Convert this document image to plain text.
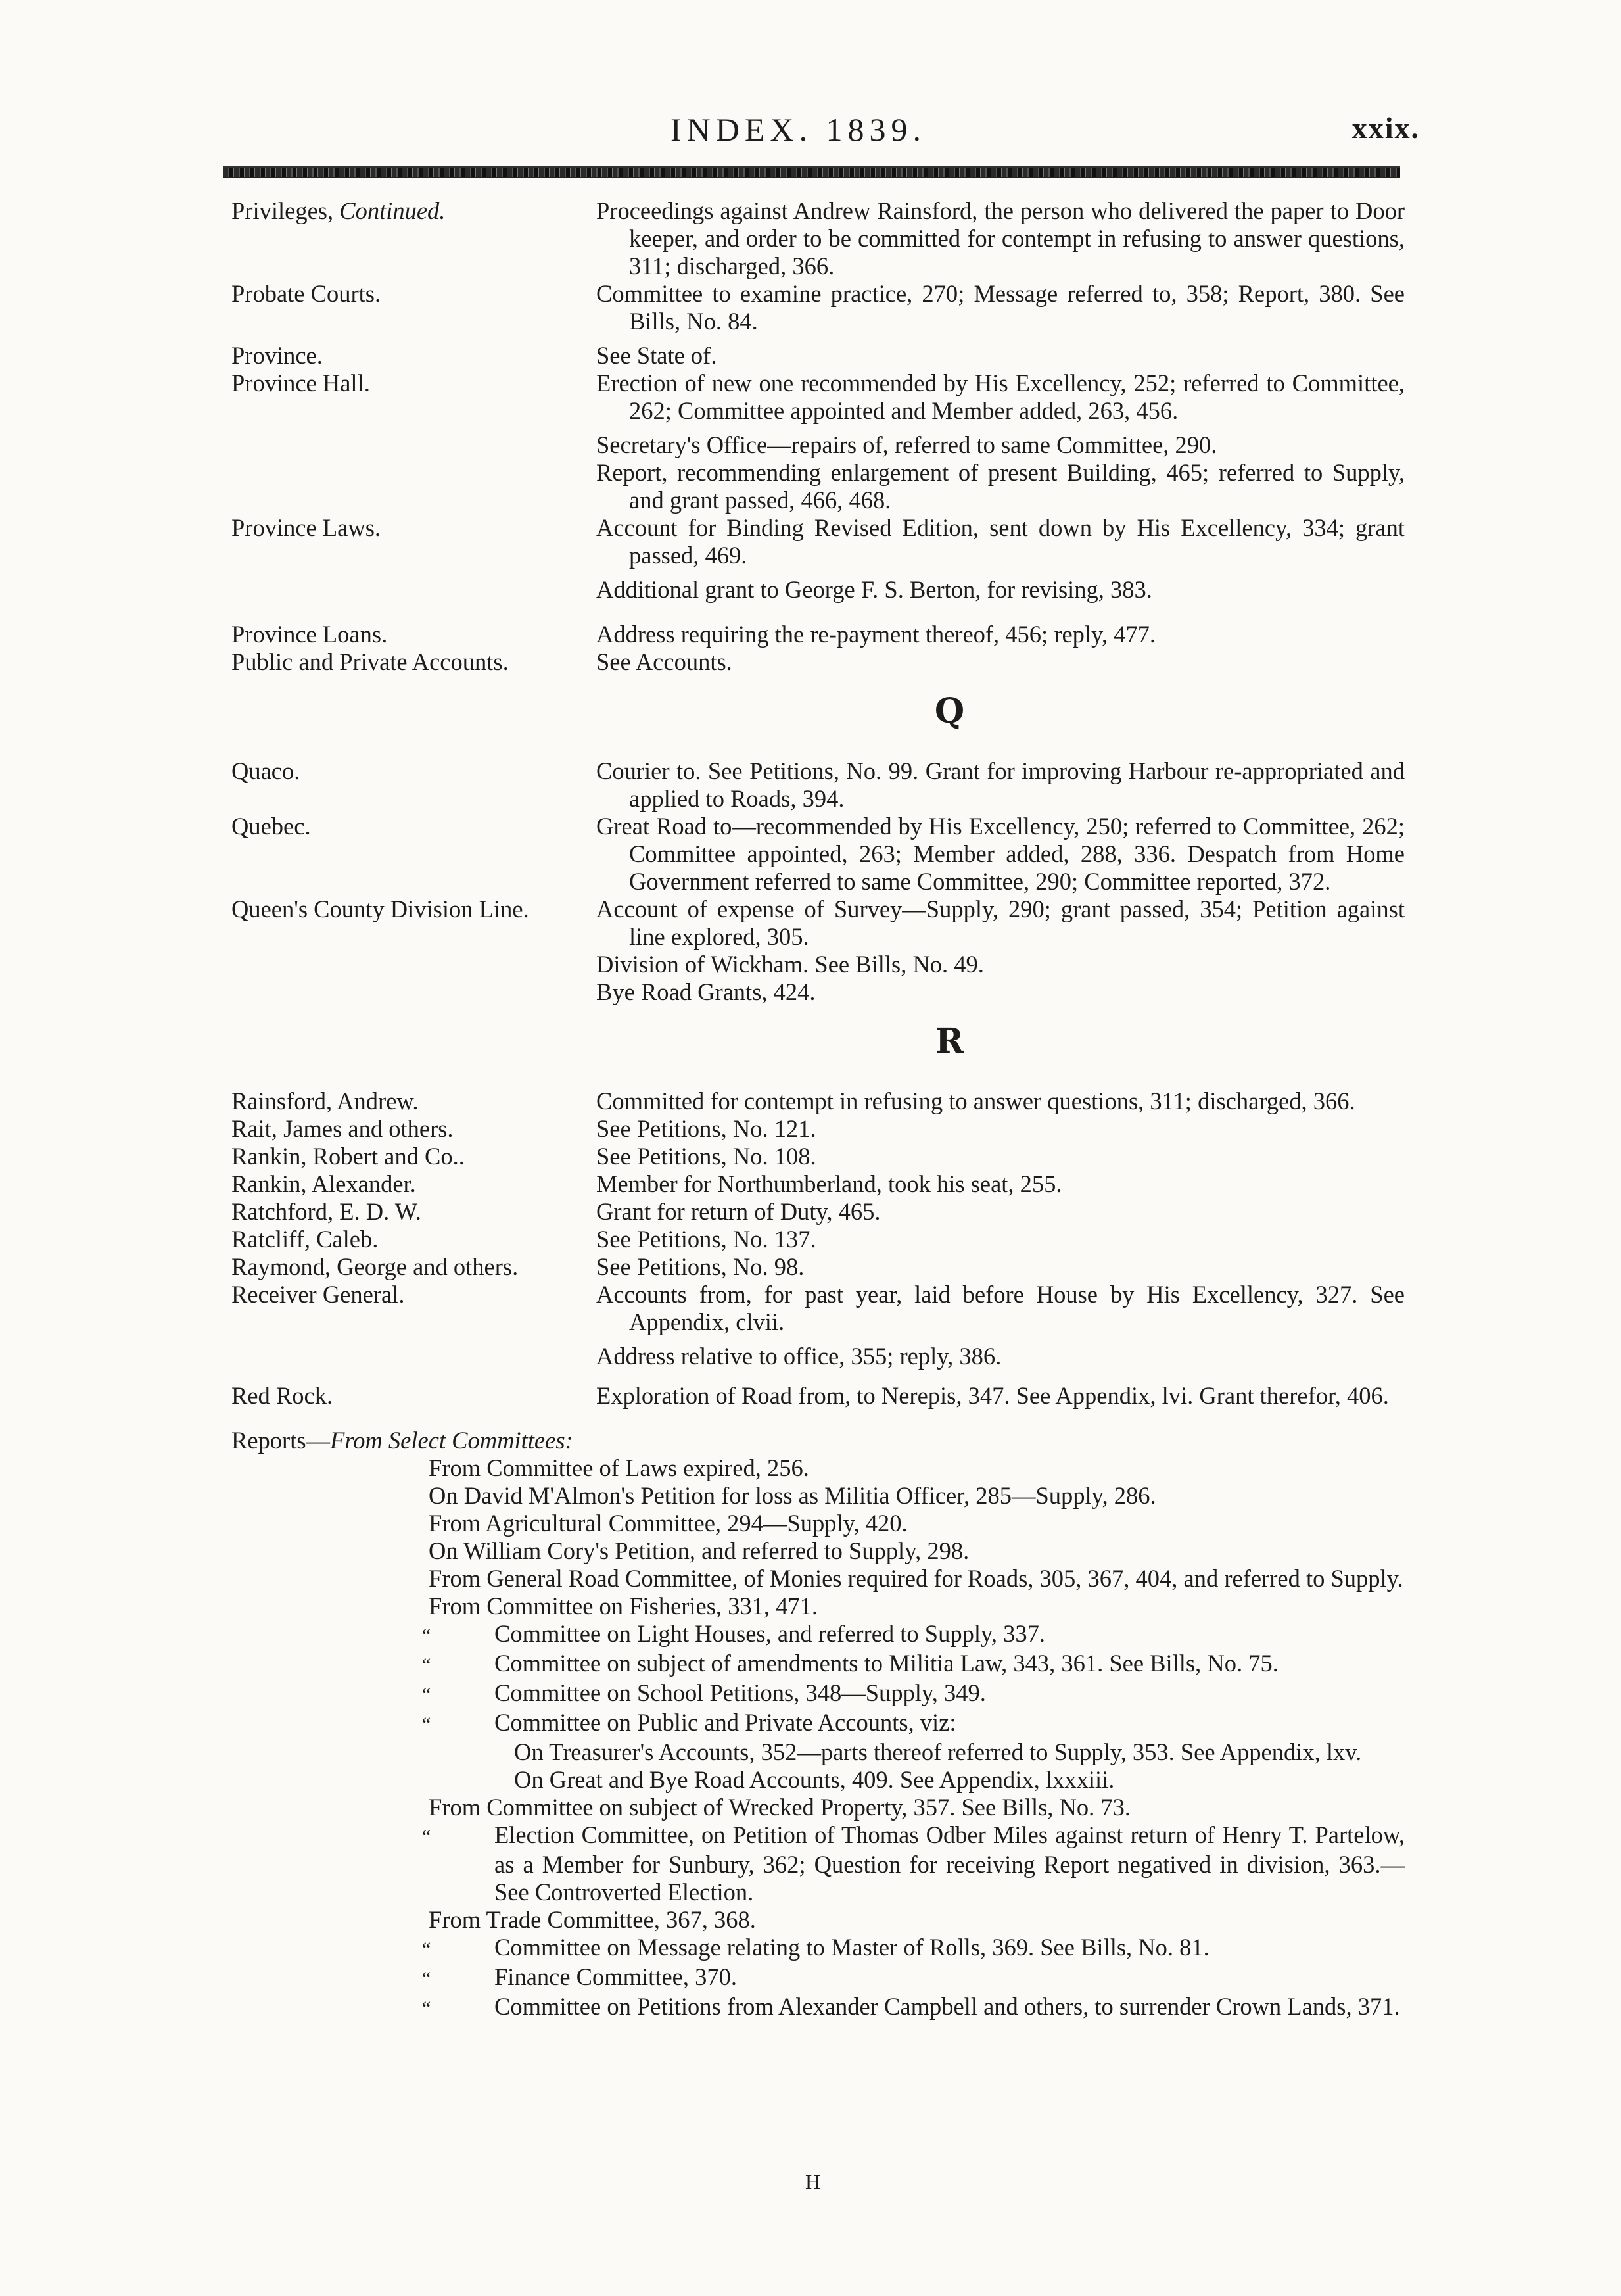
INDEX. 1839.	xxix.
Privileges, Continued.	Proceedings against Andrew Rainsford, the person who delivered the paper to Door keeper, and order to be committed for contempt in refusing to answer questions, 311; discharged, 366.
Probate Courts.	Committee to examine practice, 270; Message referred to, 358; Report, 380. See Bills, No. 84.
Province.	See State of.
Province Hall.	Erection of new one recommended by His Excellency, 252; referred to Committee, 262; Committee appointed and Member added, 263, 456.
Secretary's Office—repairs of, referred to same Committee, 290.
Report, recommending enlargement of present Building, 465; referred to Supply, and grant passed, 466, 468.
Province Laws.	Account for Binding Revised Edition, sent down by His Excellency, 334; grant passed, 469.
Additional grant to George F. S. Berton, for revising, 383.
Province Loans.	Address requiring the re-payment thereof, 456; reply, 477.
Public and Private Accounts.	See Accounts.
Q
Quaco.	Courier to. See Petitions, No. 99. Grant for improving Harbour re-appropriated and applied to Roads, 394.
Quebec.	Great Road to—recommended by His Excellency, 250; referred to Committee, 262; Committee appointed, 263; Member added, 288, 336. Despatch from Home Government referred to same Committee, 290; Committee reported, 372.
Queen's County Division Line.	Account of expense of Survey—Supply, 290; grant passed, 354; Petition against line explored, 305.
Division of Wickham. See Bills, No. 49.
Bye Road Grants, 424.
R
Rainsford, Andrew.	Committed for contempt in refusing to answer questions, 311; discharged, 366.
Rait, James and others.	See Petitions, No. 121.
Rankin, Robert and Co..	See Petitions, No. 108.
Rankin, Alexander.	Member for Northumberland, took his seat, 255.
Ratchford, E. D. W.	Grant for return of Duty, 465.
Ratcliff, Caleb.	See Petitions, No. 137.
Raymond, George and others.	See Petitions, No. 98.
Receiver General.	Accounts from, for past year, laid before House by His Excellency, 327. See Appendix, clvii.
Address relative to office, 355; reply, 386.
Red Rock.	Exploration of Road from, to Nerepis, 347. See Appendix, lvi. Grant therefor, 406.
Reports—From Select Committees:
From Committee of Laws expired, 256.
On David M'Almon's Petition for loss as Militia Officer, 285—Supply, 286.
From Agricultural Committee, 294—Supply, 420.
On William Cory's Petition, and referred to Supply, 298.
From General Road Committee, of Monies required for Roads, 305, 367, 404, and referred to Supply.
From Committee on Fisheries, 331, 471.
“	Committee on Light Houses, and referred to Supply, 337.
“	Committee on subject of amendments to Militia Law, 343, 361. See Bills, No. 75.
“	Committee on School Petitions, 348—Supply, 349.
“	Committee on Public and Private Accounts, viz:
On Treasurer's Accounts, 352—parts thereof referred to Supply, 353. See Appendix, lxv.
On Great and Bye Road Accounts, 409. See Appendix, lxxxiii.
From Committee on subject of Wrecked Property, 357. See Bills, No. 73.
“	Election Committee, on Petition of Thomas Odber Miles against return of Henry T. Partelow, as a Member for Sunbury, 362; Question for receiving Report negatived in division, 363.—See Controverted Election.
From Trade Committee, 367, 368.
“	Committee on Message relating to Master of Rolls, 369. See Bills, No. 81.
“	Finance Committee, 370.
“	Committee on Petitions from Alexander Campbell and others, to surrender Crown Lands, 371.
H
